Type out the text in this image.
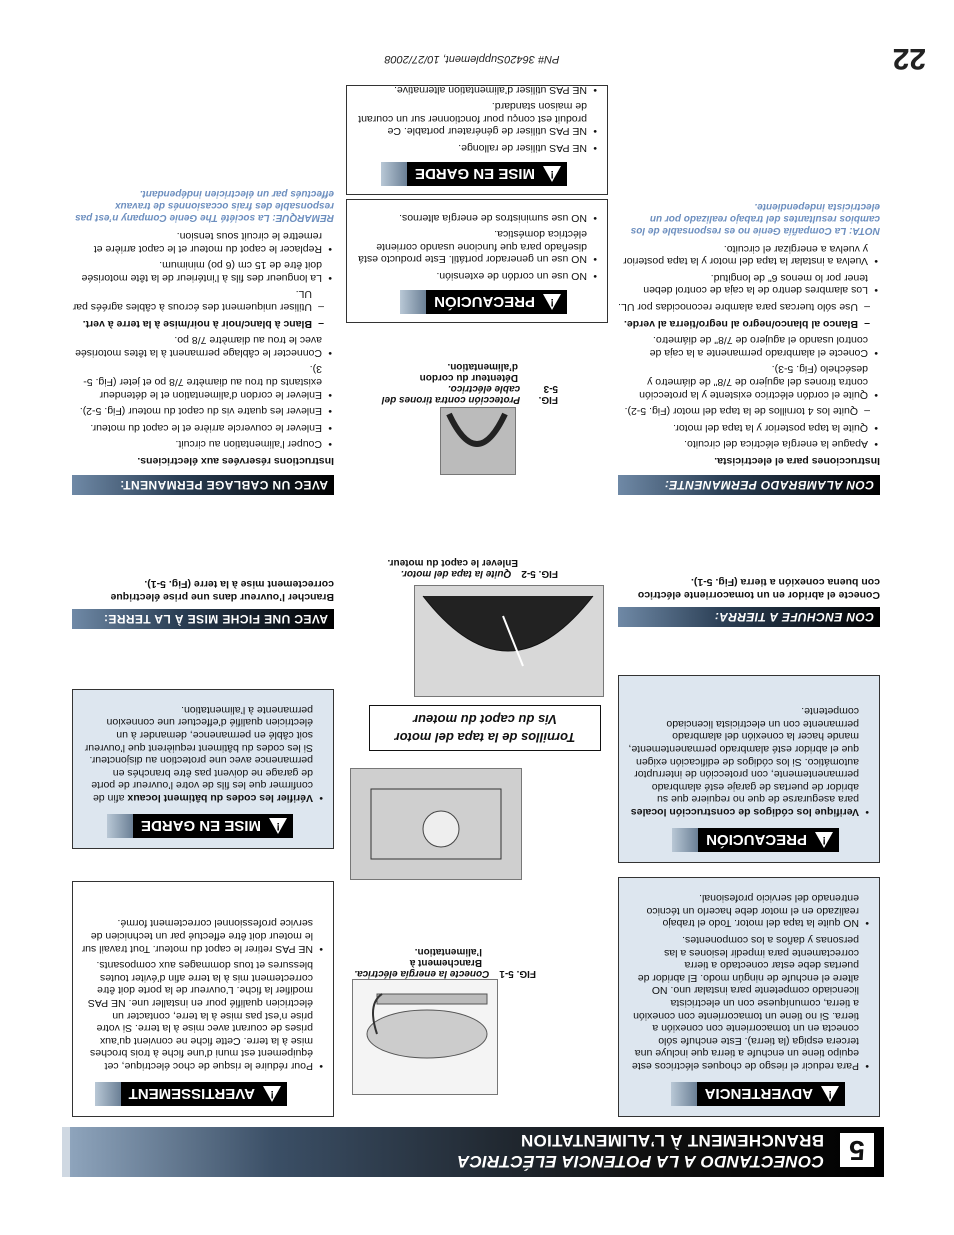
5
CONECTANDO A LA POTENCIA ELÉCTRICA
BRANCHEMENT À L’ALIMENTATION
!
ADVERTENCIA

• Para reducir el riesgo de choques eléctricos este equipo tiene un enchufe a tierra que incluye una tercera espiga (la tierra). Este enchufe sólo conecta en un tomacorriente con conexión a tierra. Si no tiene un tomacorriente con conexión a tierra, comuníquese con un electricista licenciado competente para instalar uno. NO altere el enchufe de ningún modo. El abridor de puertas debe estar conectado a tierra correctamente para impedir lesiones a las personas y daños a los componentes.

• NO quite la tapa del motor. Todo el trabajo realizado en el motor debe hacerlo un técnico entrenado del servicio profesional.

!
PRECAUCIÓN

• Verifique los códigos de construcción locales para asegurarse de que no requiere que su abridor de puertas de garaje esté alambrado permanentemente, con protección de interruptor automático. Si los códigos de edificación exigen que el abridor esté alambrado permanentemente, mande hacer la conexión del alambrado permanente con un electricista licenciado competente.

FIG. 5-1
Conecte la energía eléctrica.
Branchement à l’alimentation.
Tornillos de la tapa del motor
Vis du capot du moteur
FIG. 5-2
Quite la tapa del motor.
Enlever le capot du moteur.
FIG. 5-3
Protección contra tirones del cable eléctrico.
Détenteur du cordon d’alimentation.
CON ENCHUFE A TIERRA:
Conecte el abridor en un tomacorriente eléctrico con buena conexión a tierra (Fig. 5-1).
CON ALAMBRADO PERMANENTE:

Instrucciones para el electricista.

• Apague la energía eléctrica del circuito.

• Quite la tapa posterior y la tapa del motor.

– Quite los 4 tornillos de la tapa del motor (Fig. 5-2).

• Quite el cordón eléctrico existente y la protección contra tirones del agujero de 7/8" de diámetro y deséchelo (Fig. 5-3).

• Conecte el alambrado permanente a la caja de control usando el agujero de 7/8" de diámetro.

– Blanco al blanco/negro al negro/tierra al verde.

– Use sólo tuercas para alambre reconocidas por UL.

• Los alambres dentro de la caja de control deben tener por lo menos 6" de longitud.

• Vuelva a instalar la tapa del motor y la tapa posterior y vuelva a energizar el circuito.

NOTA: La Compañía Genie no es responsable de los cambios resultantes del trabajo realizado por un electricista independiente.

!
AVERTISSEMENT

• Pour réduire le risque de choc électrique, cet équipement est muni d’une fiche à trois broches mise à la terre. Cette fiche ne convient qu’aux prises de courant avec mise à la terre. Si votre prise n’est pas mise à la terre, contacter un électricien qualifié pour en installer une. NE PAS modifier la fiche. L’ouvreur de la porte doit être correctement mis à la terre afin d’éviter toutes blessures et tous dommages aux composants.

• NE PAS retirer le capot du moteur. Tout travail sur le moteur doit être effectué par un technicien de service professionnel correctement formé.

!
MISE EN GARDE

• Vérifier les codes du bâtiment locaux afin de confirmer que les fils de votre l’ouvreur de porte de garage ne doivent pas être branchés en permanence avec une protection au disjoncteur. Si les codes du bâtiment requièrent que l’ouvreur soit câblé en permanence, demander à un électricien qualifié d’effectuer une connexion permanente à l’alimentation.

AVEC UNE FICHE MISE À LA TERRE:
Brancher l’ouvreur dans une prise électrique correctement mise à la terre (Fig. 5-1).
AVEC UN CABLAGE PERMANENT:

Instructions réservées aux électriciens.

• Couper l’alimentation au circuit.

• Enlever le couvercle arrière et le capot du moteur.

• Enlever les quatre vis du capot du moteur (Fig. 5-2).

• Enlever le cordon d’alimentation et le détendeur existants du trou au diamètre 7/8 po et jeter (Fig. 5-3).

• Connecter le câblage permanent à la têtes motorisée avec le trou au diamètre 7/8 po.

– Blanc à blanc/noir à noir/mise à la terre à vert.

– Utiliser uniquement des écrous à câbles agréés par UL.

• La longueur des fils à l’intérieur de la tête motorisée doit être de 15 cm (6 po) minimum.

• Replacer le capot du moteur et le capot arrière et remettre le circuit sous tension.

REMARQUE: La société The Genie Company n’est pas responsable des frais occasionnés de travaux effectués par un électricien indépendant.

!
PRECAUCIÓN

• NO use un cordón de extensión.

• NO use un generador portátil. Este producto está diseñado para que funcione usando corriente eléctrica doméstica.

• NO use suministros de energía alternos.

!
MISE EN GARDE

• NE PAS utiliser de rallonge.

• NE PAS utiliser de générateur portable. Ce produit est conçu pour fonctionner sur un courant de maison standard.

• NE PAS utiliser d’alimentation alternative.

PN# 36420Supplement, 10/27/2008	22
